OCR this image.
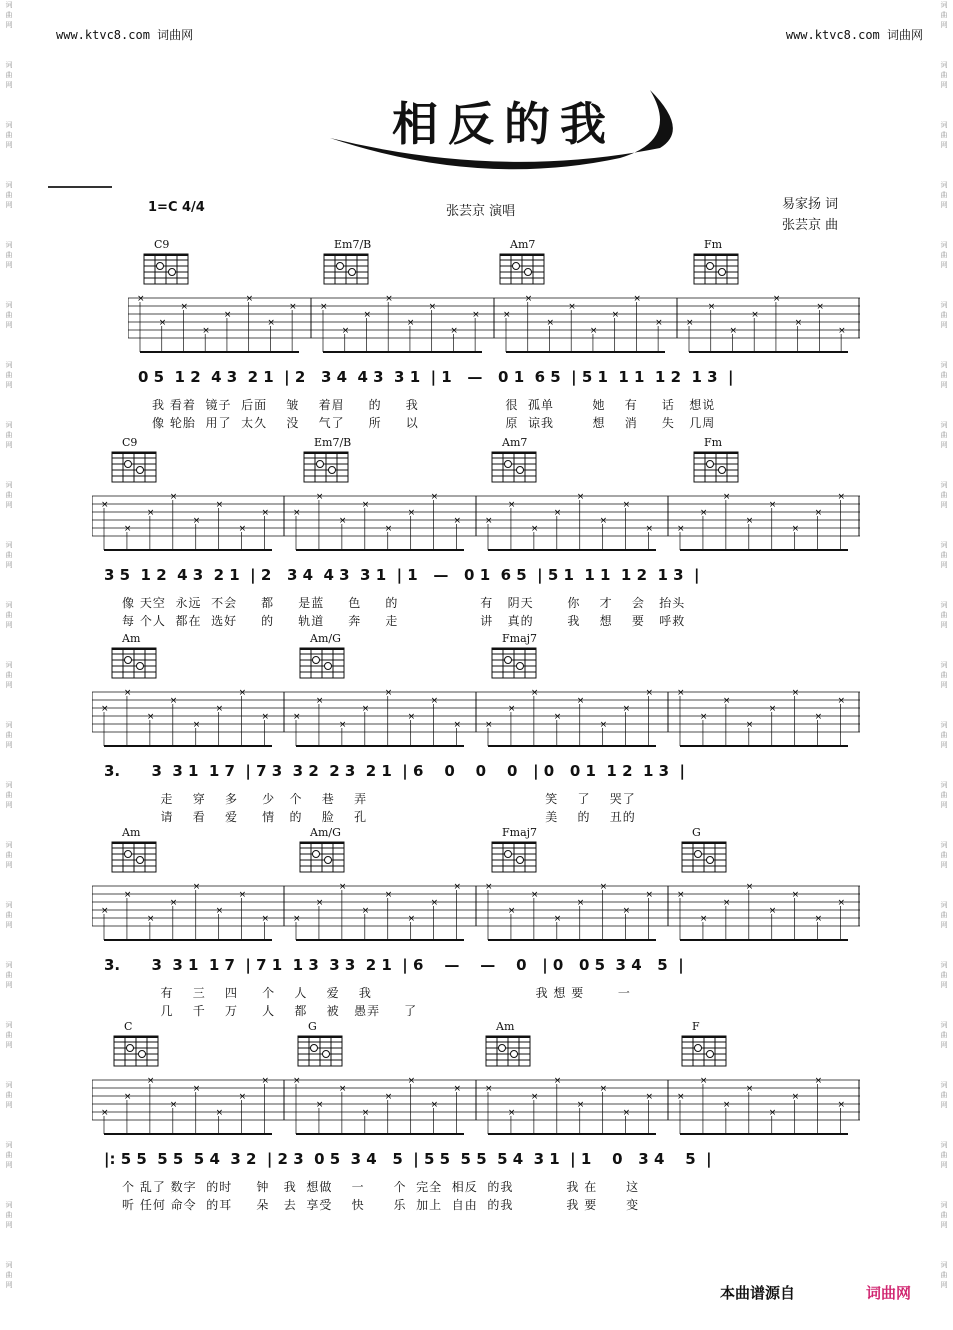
词
曲
网
词
曲
网
词
曲
网
词
曲
网
词
曲
网
词
曲
网
词
曲
网
词
曲
网
词
曲
网
词
曲
网
词
曲
网
词
曲
网
词
曲
网
词
曲
网
词
曲
网
词
曲
网
词
曲
网
词
曲
网
词
曲
网
词
曲
网
词
曲
网
词
曲
网
词
曲
网
词
曲
网
词
曲
网
词
曲
网
词
曲
网
词
曲
网
词
曲
网
词
曲
网
词
曲
网
词
曲
网
词
曲
网
词
曲
网
词
曲
网
词
曲
网
词
曲
网
词
曲
网
词
曲
网
词
曲
网
词
曲
网
词
曲
网
词
曲
网
词
曲
网
www.ktvc8.com 词曲网	www.ktvc8.com 词曲网
相反的我
1=C 4/4	张芸京 演唱	易家扬 词
张芸京 曲
C9	Em7/B	Am7	Fm
×
×
×
×
×
×
×
×	×
×
×
×
×
×
×
×	×
×
×
×
×
×
×
×	×
×
×
×
×
×
×
×
0 5  1 2  4 3  2 1  | 2   3 4  4 3  3 1  | 1   —   0 1  6 5  | 5 1  1 1  1 2  1 3  |
我 看着  镜子  后面    皱    着眉     的     我                  很  孤单        她    有     话   想说
像 轮胎  用了  太久    没    气了     所     以                  原  谅我        想    消     失   几周
C9	Em7/B	Am7	Fm
×
×
×
×
×
×
×
×	×
×
×
×
×
×
×
×	×
×
×
×
×
×
×
×	×
×
×
×
×
×
×
×
3 5  1 2  4 3  2 1  | 2   3 4  4 3  3 1  | 1   —   0 1  6 5  | 5 1  1 1  1 2  1 3  |
像 天空  永远  不会     都     是蓝     色     的                 有   阴天       你    才    会   抬头
每 个人  都在  选好     的     轨道     奔     走                 讲   真的       我    想    要   呼救
Am	Am/G	Fmaj7
×
×
×
×
×
×
×
×	×
×
×
×
×
×
×
×	×
×
×
×
×
×
×
×	×
×
×
×
×
×
×
×
3.      3  3 1  1 7  | 7 3  3 2  2 3  2 1  | 6    0    0    0   | 0   0 1  1 2  1 3  |
走    穿    多     少   个    巷    弄                                     笑    了    哭了
请    看    爱     情   的    脸    孔                                     美    的    丑的
Am	Am/G	Fmaj7	G
×
×
×
×
×
×
×
×	×
×
×
×
×
×
×
×	×
×
×
×
×
×
×
×	×
×
×
×
×
×
×
×
3.      3  3 1  1 7  | 7 1  1 3  3 3  2 1  | 6    —    —    0   | 0   0 5  3 4   5  |
有    三    四     个    人    爱    我                                  我 想 要       一
几    千    万     人    都    被   愚弄     了
C	G	Am	F
×
×
×
×
×
×
×
×	×
×
×
×
×
×
×
×	×
×
×
×
×
×
×
×	×
×
×
×
×
×
×
×
|: 5 5  5 5  5 4  3 2  | 2 3  0 5  3 4   5  | 5 5  5 5  5 4  3 1  | 1    0   3 4    5  |
个 乱了 数字  的时     钟   我  想做    一      个  完全  相反  的我           我 在      这
听 任何 命令  的耳     朵   去  享受    快      乐  加上  自由  的我           我 要      变
本曲谱源自	词曲网
